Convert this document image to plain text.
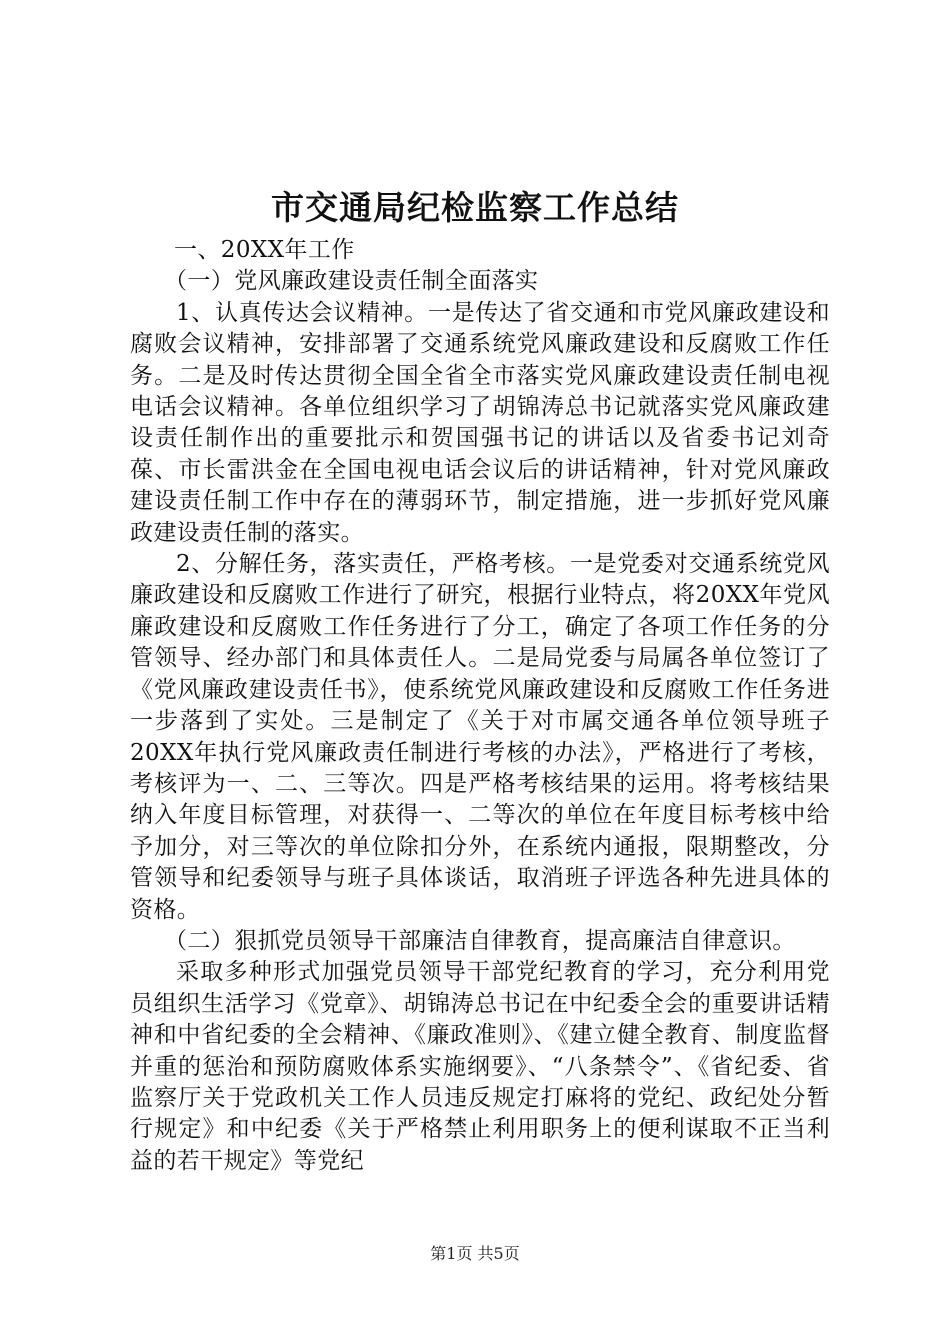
市交通局纪检监察工作总结

一、20XX年工作

（一）党风廉政建设责任制全面落实

1、认真传达会议精神。一是传达了省交通和市党风廉政建设和腐败会议精神，安排部署了交通系统党风廉政建设和反腐败工作任务。二是及时传达贯彻全国全省全市落实党风廉政建设责任制电视电话会议精神。各单位组织学习了胡锦涛总书记就落实党风廉政建设责任制作出的重要批示和贺国强书记的讲话以及省委书记刘奇葆、市长雷洪金在全国电视电话会议后的讲话精神，针对党风廉政建设责任制工作中存在的薄弱环节，制定措施，进一步抓好党风廉政建设责任制的落实。

2、分解任务，落实责任，严格考核。一是党委对交通系统党风廉政建设和反腐败工作进行了研究，根据行业特点，将20XX年党风廉政建设和反腐败工作任务进行了分工，确定了各项工作任务的分管领导、经办部门和具体责任人。二是局党委与局属各单位签订了《党风廉政建设责任书》，使系统党风廉政建设和反腐败工作任务进一步落到了实处。三是制定了《关于对市属交通各单位领导班子20XX年执行党风廉政责任制进行考核的办法》，严格进行了考核，考核评为一、二、三等次。四是严格考核结果的运用。将考核结果纳入年度目标管理，对获得一、二等次的单位在年度目标考核中给予加分，对三等次的单位除扣分外，在系统内通报，限期整改，分管领导和纪委领导与班子具体谈话，取消班子评选各种先进具体的资格。

（二）狠抓党员领导干部廉洁自律教育，提高廉洁自律意识。

采取多种形式加强党员领导干部党纪教育的学习，充分利用党员组织生活学习《党章》、胡锦涛总书记在中纪委全会的重要讲话精神和中省纪委的全会精神、《廉政准则》、《建立健全教育、制度监督并重的惩治和预防腐败体系实施纲要》、“八条禁令”、《省纪委、省监察厅关于党政机关工作人员违反规定打麻将的党纪、政纪处分暂行规定》和中纪委《关于严格禁止利用职务上的便利谋取不正当利益的若干规定》等党纪

第1页 共5页
